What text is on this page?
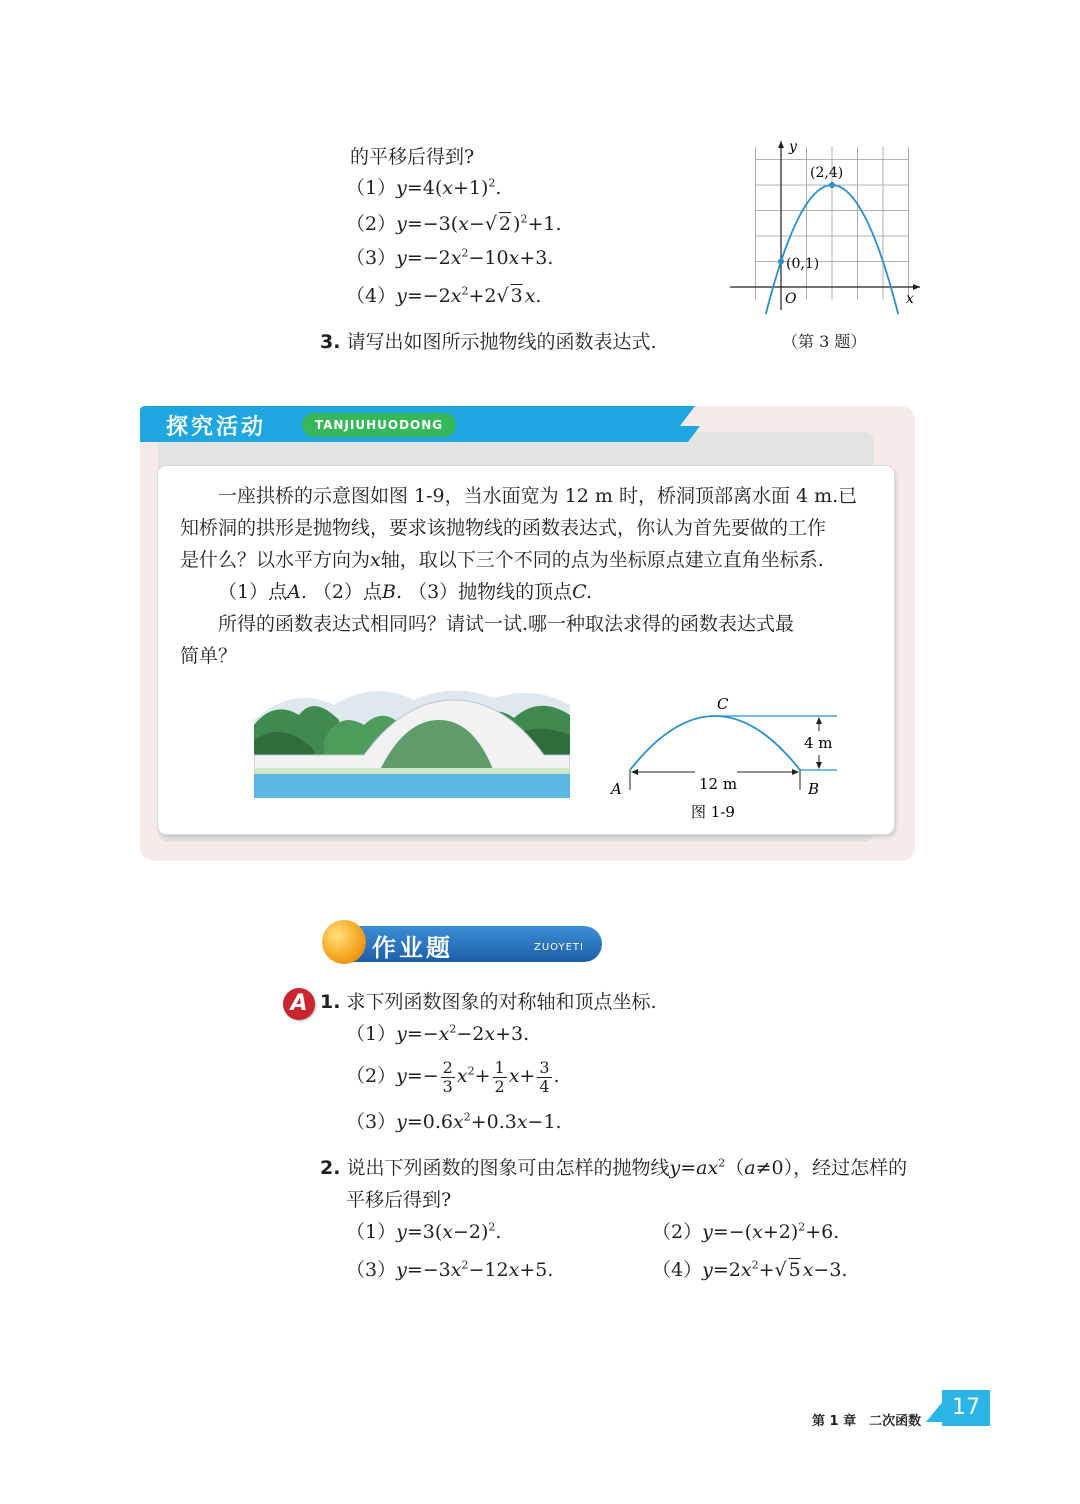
的平移后得到?
$(1)y=4(x+1)^2$.
（2）y=−3(x−√ 2 )$^2$+1.
$(3)y=-2x^2-10x+3$.
$(4)y=-2x^2+2√$ 3 x.
3. 请写出如图所示抛物线的函数表达式.
y
x
O
(2,4)
(0,1)
（第 3 题）
探究活动	TANJIUHUODONG
一座拱桥的示意图如图 1-9，当水面宽为 12 m 时，桥洞顶部离水面 4 m.已
知桥洞的拱形是抛物线，要求该抛物线的函数表达式，你认为首先要做的工作
是什么？以水平方向为x轴，取以下三个不同的点为坐标原点建立直角坐标系.
（1）点A. （2）点B. （3）抛物线的顶点C.
所得的函数表达式相同吗？请试一试.哪一种取法求得的函数表达式最
简单？
C
A	B
4 m
12 m
图 1-9
作业题	ZUOYETI
A 1. 求下列函数图象的对称轴和顶点坐标.
$(1)y=-x^2-2x+3$.
$(2)y=- \frac{2}{3} x^2+ \frac{1}{2} x+ \frac{3}{4}$ .
$(3)y=0.6x^2+0.3x-1$.
2. 说出下列函数的图象可由怎样的抛物线$y=ax^2(a\ne 0)$，经过怎样的
平移后得到?
$(1)y=3(x-2)^2$.	$(2)y=-(x+2)^2+6$.
$(3)y=-3x^2-12x+5$.	$(4)y=2x^2+√$ 5 x−3.
第 1 章　二次函数
17
